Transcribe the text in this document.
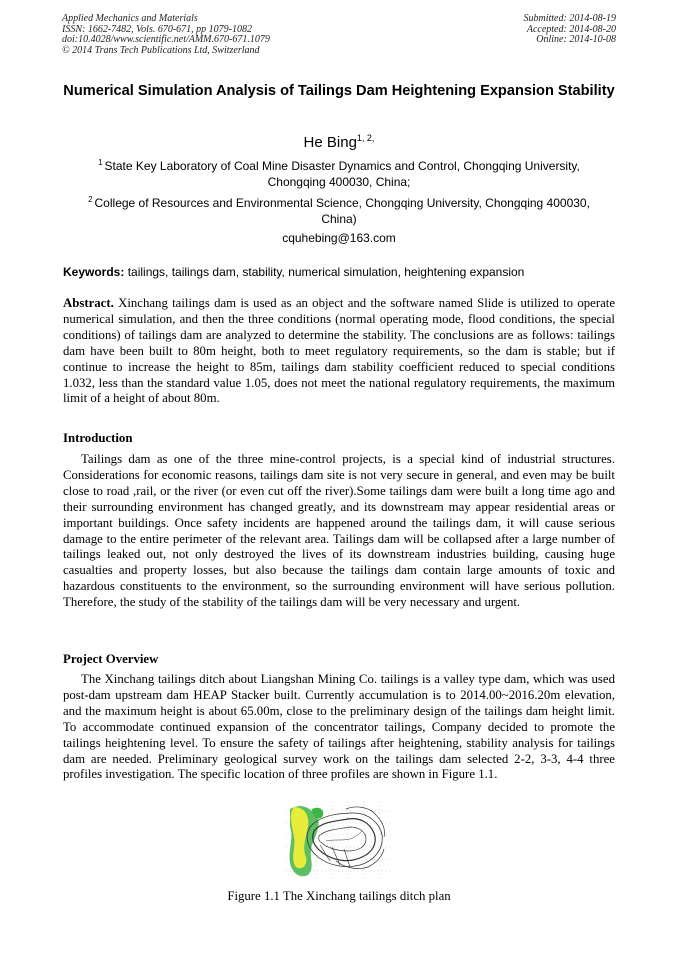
Applied Mechanics and Materials
ISSN: 1662-7482, Vols. 670-671, pp 1079-1082
doi:10.4028/www.scientific.net/AMM.670-671.1079
© 2014 Trans Tech Publications Ltd, Switzerland
Submitted: 2014-08-19
Accepted: 2014-08-20
Online: 2014-10-08
Numerical Simulation Analysis of Tailings Dam Heightening Expansion Stability
He Bing$^{1, 2,}$
$^1$ State Key Laboratory of Coal Mine Disaster Dynamics and Control, Chongqing University, Chongqing 400030, China;
$^2$ College of Resources and Environmental Science, Chongqing University, Chongqing 400030, China)
cquhebing@163.com
Keywords: tailings, tailings dam, stability, numerical simulation, heightening expansion
Abstract. Xinchang tailings dam is used as an object and the software named Slide is utilized to operate numerical simulation, and then the three conditions (normal operating mode, flood conditions, the special conditions) of tailings dam are analyzed to determine the stability. The conclusions are as follows: tailings dam have been built to 80m height, both to meet regulatory requirements, so the dam is stable; but if continue to increase the height to 85m, tailings dam stability coefficient reduced to special conditions 1.032, less than the standard value 1.05, does not meet the national regulatory requirements, the maximum limit of a height of about 80m.
Introduction
Tailings dam as one of the three mine-control projects, is a special kind of industrial structures. Considerations for economic reasons, tailings dam site is not very secure in general, and even may be built close to road ,rail, or the river (or even cut off the river).Some tailings dam were built a long time ago and their surrounding environment has changed greatly, and its downstream may appear residential areas or important buildings. Once safety incidents are happened around the tailings dam, it will cause serious damage to the entire perimeter of the relevant area. Tailings dam will be collapsed after a large number of tailings leaked out, not only destroyed the lives of its downstream industries building, causing huge casualties and property losses, but also because the tailings dam contain large amounts of toxic and hazardous constituents to the environment, so the surrounding environment will have serious pollution. Therefore, the study of the stability of the tailings dam will be very necessary and urgent.
Project Overview
The Xinchang tailings ditch about Liangshan Mining Co. tailings is a valley type dam, which was used post-dam upstream dam HEAP Stacker built. Currently accumulation is to 2014.00~2016.20m elevation, and the maximum height is about 65.00m, close to the preliminary design of the tailings dam height limit. To accommodate continued expansion of the concentrator tailings, Company decided to promote the tailings heightening level. To ensure the safety of tailings after heightening, stability analysis for tailings dam are needed. Preliminary geological survey work on the tailings dam selected 2-2, 3-3, 4-4 three profiles investigation. The specific location of three profiles are shown in Figure 1.1.
Figure 1.1 The Xinchang tailings ditch plan
